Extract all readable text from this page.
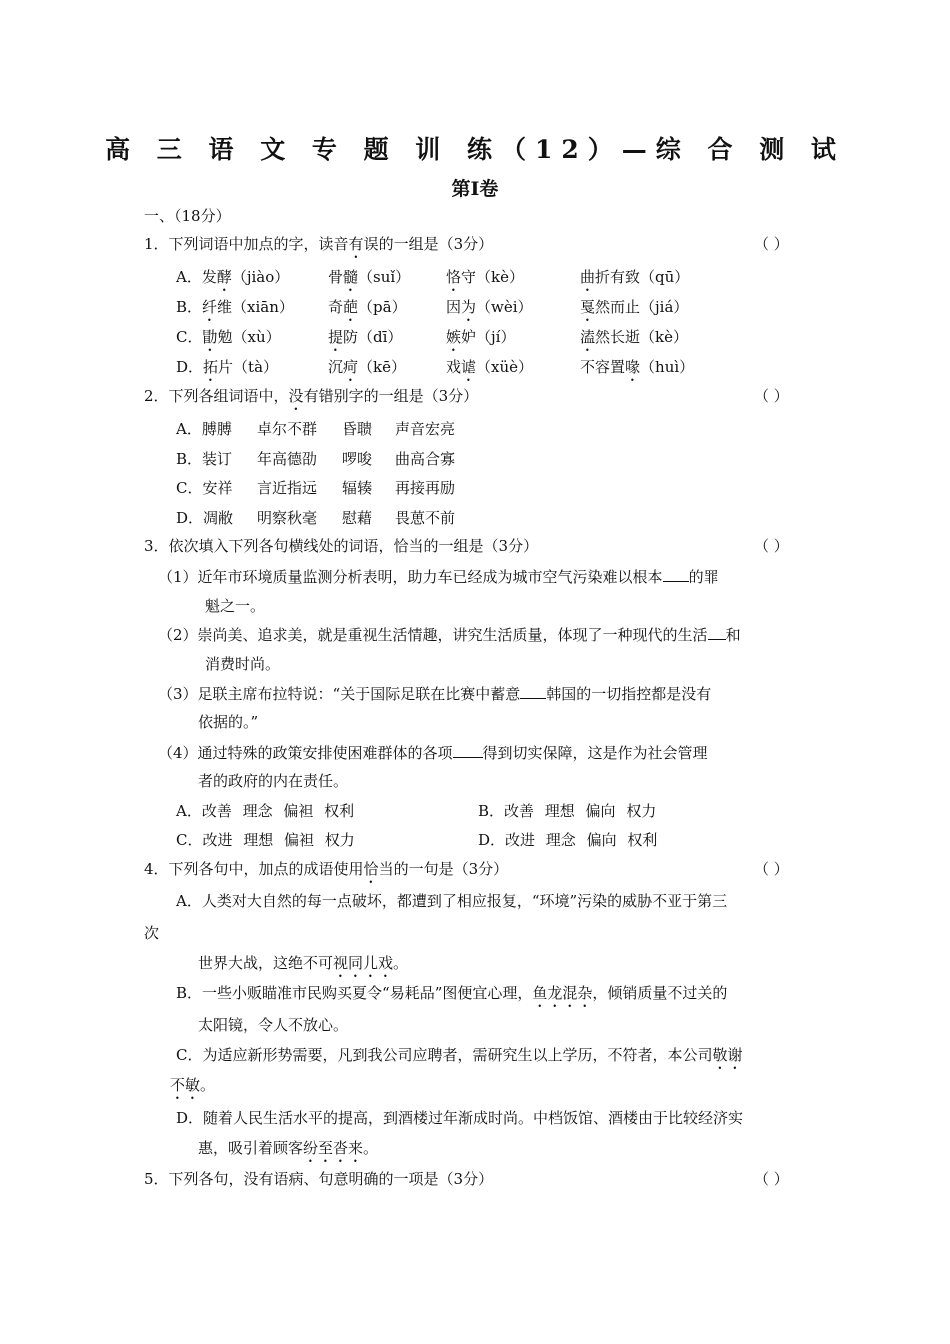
高 三 语 文 专 题 训 练（12）—综 合 测 试
第Ⅰ卷
一、（18分）
1．下列词语中加点的字，读音有误的一组是（3分）	（ ）
A．发酵（jiào）	骨髓（suǐ） 恪守（kè）	曲折有致（qū）
B．纤维（xiān） 奇葩（pā）	因为（wèi）	戛然而止（jiá）
C．勖勉（xù）	提防（dī）	嫉妒（jí）	溘然长逝（kè）
D．拓片（tà）	沉疴（kē）	戏谑（xüè）	不容置喙（huì）
2．下列各组词语中，没有错别字的一组是（3分）	（ ）
A．膊膊 卓尔不群 昏聩 声音宏亮
B．装订 年高德劭 啰唆 曲高合寡
C．安祥 言近指远 辐辏 再接再励
D．凋敝 明察秋毫 慰藉 畏葸不前
3．依次填入下列各句横线处的词语，恰当的一组是（3分）	（ ）
（1）近年市环境质量监测分析表明，助力车已经成为城市空气污染难以根本 的罪
魁之一。
（2）崇尚美、追求美，就是重视生活情趣，讲究生活质量，体现了一种现代的生活 和
消费时尚。
（3）足联主席布拉特说：“关于国际足联在比赛中蓄意 韩国的一切指控都是没有
依据的。”
（4）通过特殊的政策安排使困难群体的各项 得到切实保障，这是作为社会管理
者的政府的内在责任。
A．改善 理念 偏袒 权利	B．改善 理想 偏向 权力
C．改进 理想 偏袒 权力	D．改进 理念 偏向 权利
4．下列各句中，加点的成语使用恰当的一句是（3分）	（ ）
A．人类对大自然的每一点破坏，都遭到了相应报复，“环境”污染的威胁不亚于第三
次
世界大战，这绝不可视同儿戏。
B．一些小贩瞄准市民购买夏令“易耗品”图便宜心理，鱼龙混杂，倾销质量不过关的
太阳镜，令人不放心。
C．为适应新形势需要，凡到我公司应聘者，需研究生以上学历，不符者，本公司敬谢
不敏。
D．随着人民生活水平的提高，到酒楼过年渐成时尚。中档饭馆、酒楼由于比较经济实
惠，吸引着顾客纷至沓来。
5．下列各句，没有语病、句意明确的一项是（3分）	（ ）
